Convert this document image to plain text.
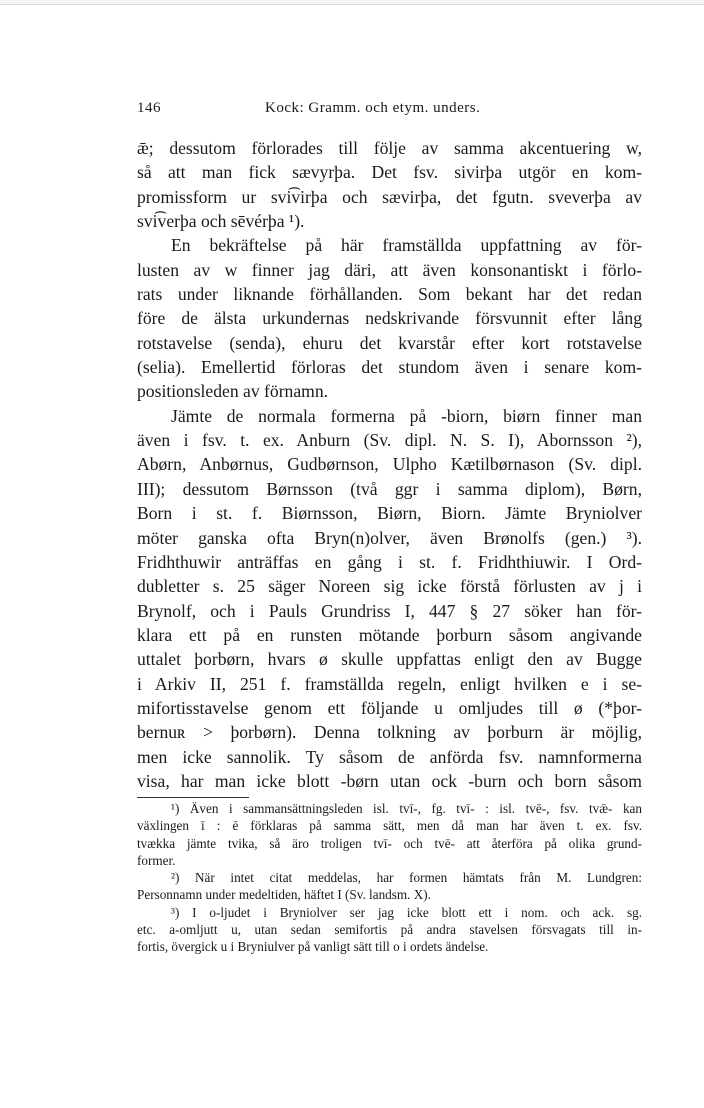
146	Kock: Gramm. och etym. unders.
ǣ; dessutom förlorades till följe av samma akcentuering w,
så att man fick sævyrþa. Det fsv. sivirþa utgör en kom-
promissform ur svi͡virþa och sævirþa, det fgutn. sveverþa av
svi͡verþa och sēvérþa ¹).
En bekräftelse på här framställda uppfattning av för-
lusten av w finner jag däri, att även konsonantiskt i förlo-
rats under liknande förhållanden. Som bekant har det redan
före de älsta urkundernas nedskrivande försvunnit efter lång
rotstavelse (senda), ehuru det kvarstår efter kort rotstavelse
(selia). Emellertid förloras det stundom även i senare kom-
positionsleden av förnamn.
Jämte de normala formerna på -biorn, biørn finner man
även i fsv. t. ex. Anburn (Sv. dipl. N. S. I), Abornsson ²),
Abørn, Anbørnus, Gudbørnson, Ulpho Kætilbørnason (Sv. dipl.
III); dessutom Børnsson (två ggr i samma diplom), Børn,
Born i st. f. Biørnsson, Biørn, Biorn. Jämte Bryniolver
möter ganska ofta Bryn(n)olver, även Brønolfs (gen.) ³).
Fridhthuwir anträffas en gång i st. f. Fridhthiuwir. I Ord-
dubletter s. 25 säger Noreen sig icke förstå förlusten av j i
Brynolf, och i Pauls Grundriss I, 447 § 27 söker han för-
klara ett på en runsten mötande þorburn såsom angivande
uttalet þorbørn, hvars ø skulle uppfattas enligt den av Bugge
i Arkiv II, 251 f. framställda regeln, enligt hvilken e i se-
mifortisstavelse genom ett följande u omljudes till ø (*þor-
bernuʀ > þorbørn). Denna tolkning av þorburn är möjlig,
men icke sannolik. Ty såsom de anförda fsv. namnformerna
visa, har man icke blott -børn utan ock -burn och born såsom
¹) Även i sammansättningsleden isl. tvī-, fg. tvī- : isl. tvē-, fsv. tvǣ- kan
växlingen ī : ē förklaras på samma sätt, men då man har även t. ex. fsv.
tvækka jämte tvika, så äro troligen tvī- och tvē- att återföra på olika grund-
former.
²) När intet citat meddelas, har formen hämtats från M. Lundgren:
Personnamn under medeltiden, häftet I (Sv. landsm. X).
³) I o-ljudet i Bryniolver ser jag icke blott ett i nom. och ack. sg.
etc. a-omljutt u, utan sedan semifortis på andra stavelsen försvagats till in-
fortis, övergick u i Bryniulver på vanligt sätt till o i ordets ändelse.
